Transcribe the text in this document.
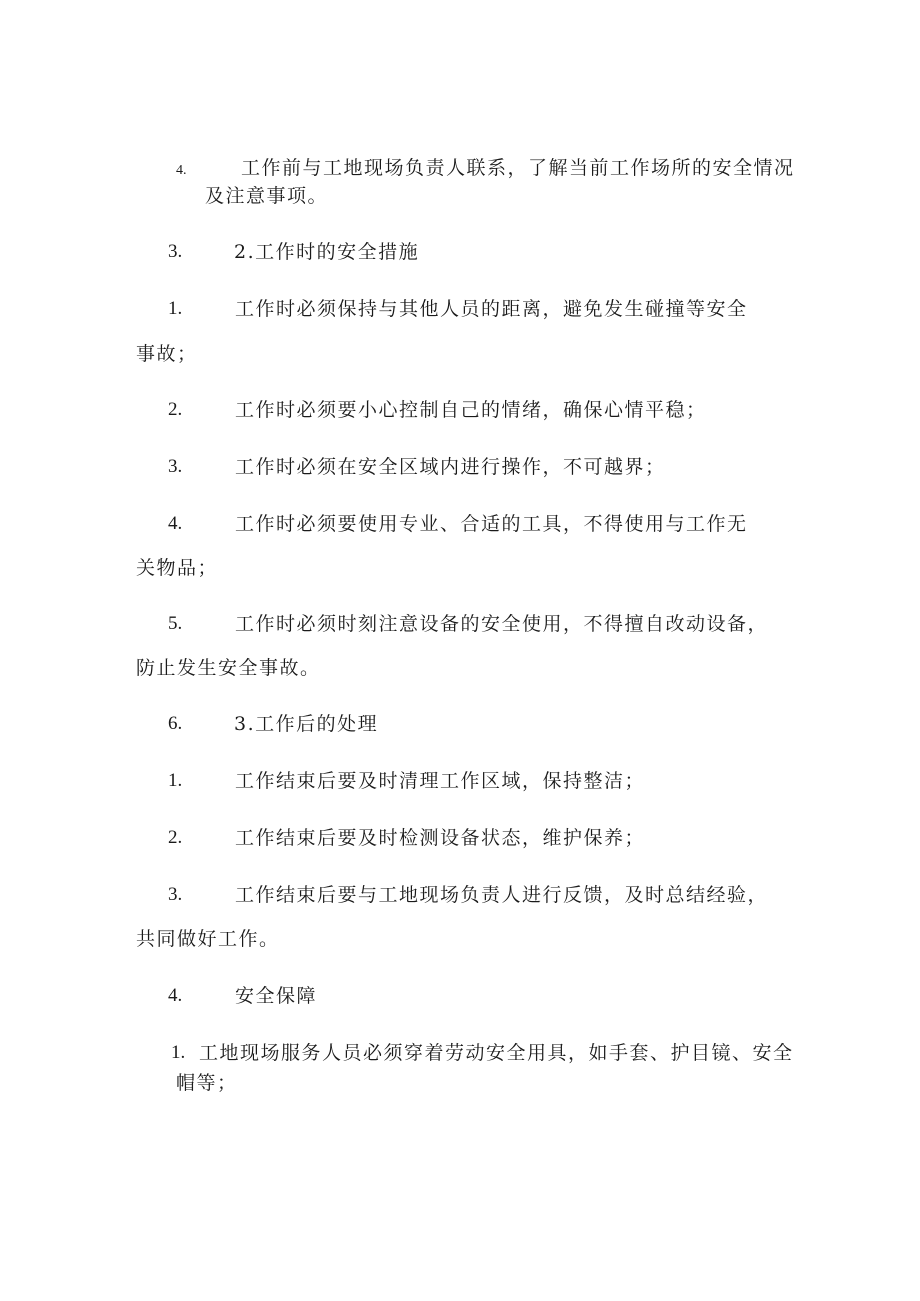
4.	工作前与工地现场负责人联系，了解当前工作场所的安全情况
及注意事项。
3.	2.工作时的安全措施
1.	工作时必须保持与其他人员的距离，避免发生碰撞等安全
事故；
2.	工作时必须要小心控制自己的情绪，确保心情平稳；
3.	工作时必须在安全区域内进行操作，不可越界；
4.	工作时必须要使用专业、合适的工具，不得使用与工作无
关物品；
5.	工作时必须时刻注意设备的安全使用，不得擅自改动设备，
防止发生安全事故。
6.	3.工作后的处理
1.	工作结束后要及时清理工作区域，保持整洁；
2.	工作结束后要及时检测设备状态，维护保养；
3.	工作结束后要与工地现场负责人进行反馈，及时总结经验，
共同做好工作。
4.	安全保障
1. 工地现场服务人员必须穿着劳动安全用具，如手套、护目镜、安全
帽等；
